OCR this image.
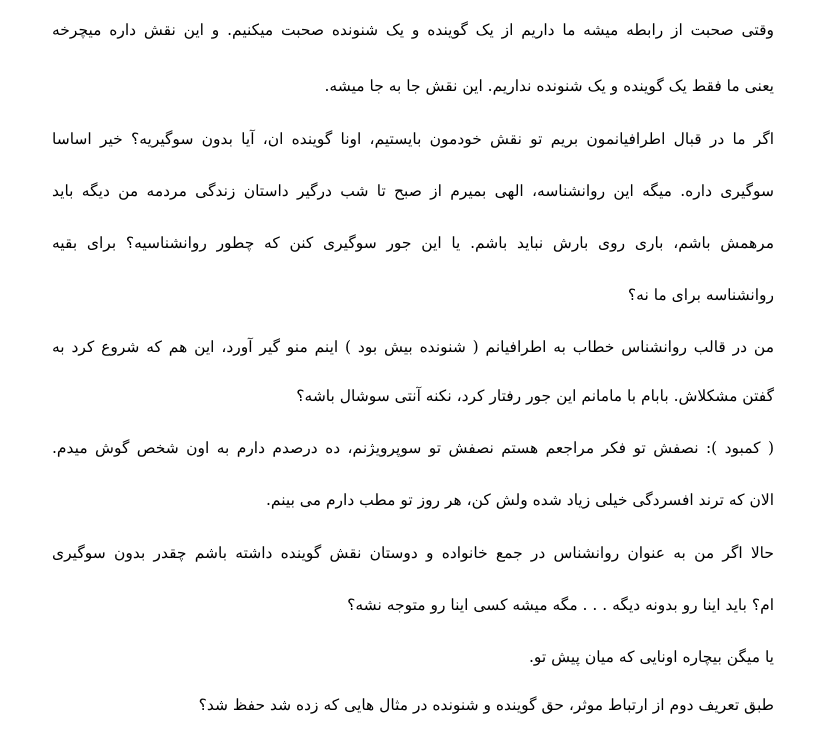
وقتی صحبت از رابطه میشه ما داریم از یک گوینده و یک شنونده صحبت میکنیم. و این نقش داره میچرخه
یعنی ما فقط یک گوینده و یک شنونده نداریم. این نقش جا به جا میشه.
اگر ما در قبال اطرافیانمون بریم تو نقش خودمون بایستیم، اونا گوینده ان، آیا بدون سوگیریه؟ خیر اساسا
سوگیری داره. میگه این روانشناسه، الهی بمیرم از صبح تا شب درگیر داستان زندگی مردمه من دیگه باید
مرهمش باشم، باری روی بارش نباید باشم. یا این جور سوگیری کنن که چطور روانشناسیه؟ برای بقیه
روانشناسه برای ما نه؟
من در قالب روانشناس خطاب به اطرافیانم ( شنونده بیش بود ) اینم منو گیر آورد، این هم که شروع کرد به
گفتن مشکلاش. بابام با مامانم این جور رفتار کرد، نکنه آنتی سوشال باشه؟
( کمبود ): نصفش تو فکر مراجعم هستم نصفش تو سوپرویژنم، ده درصدم دارم به اون شخص گوش میدم.
الان که ترند افسردگی خیلی زیاد شده ولش کن، هر روز تو مطب دارم می بینم.
حالا اگر من به عنوان روانشناس در جمع خانواده و دوستان نقش گوینده داشته باشم چقدر بدون سوگیری
ام؟ باید اینا رو بدونه دیگه . . . مگه میشه کسی اینا رو متوجه نشه؟
یا میگن بیچاره اونایی که میان پیش تو.
طبق تعریف دوم از ارتباط موثر، حق گوینده و شنونده در مثال هایی که زده شد حفظ شد؟
